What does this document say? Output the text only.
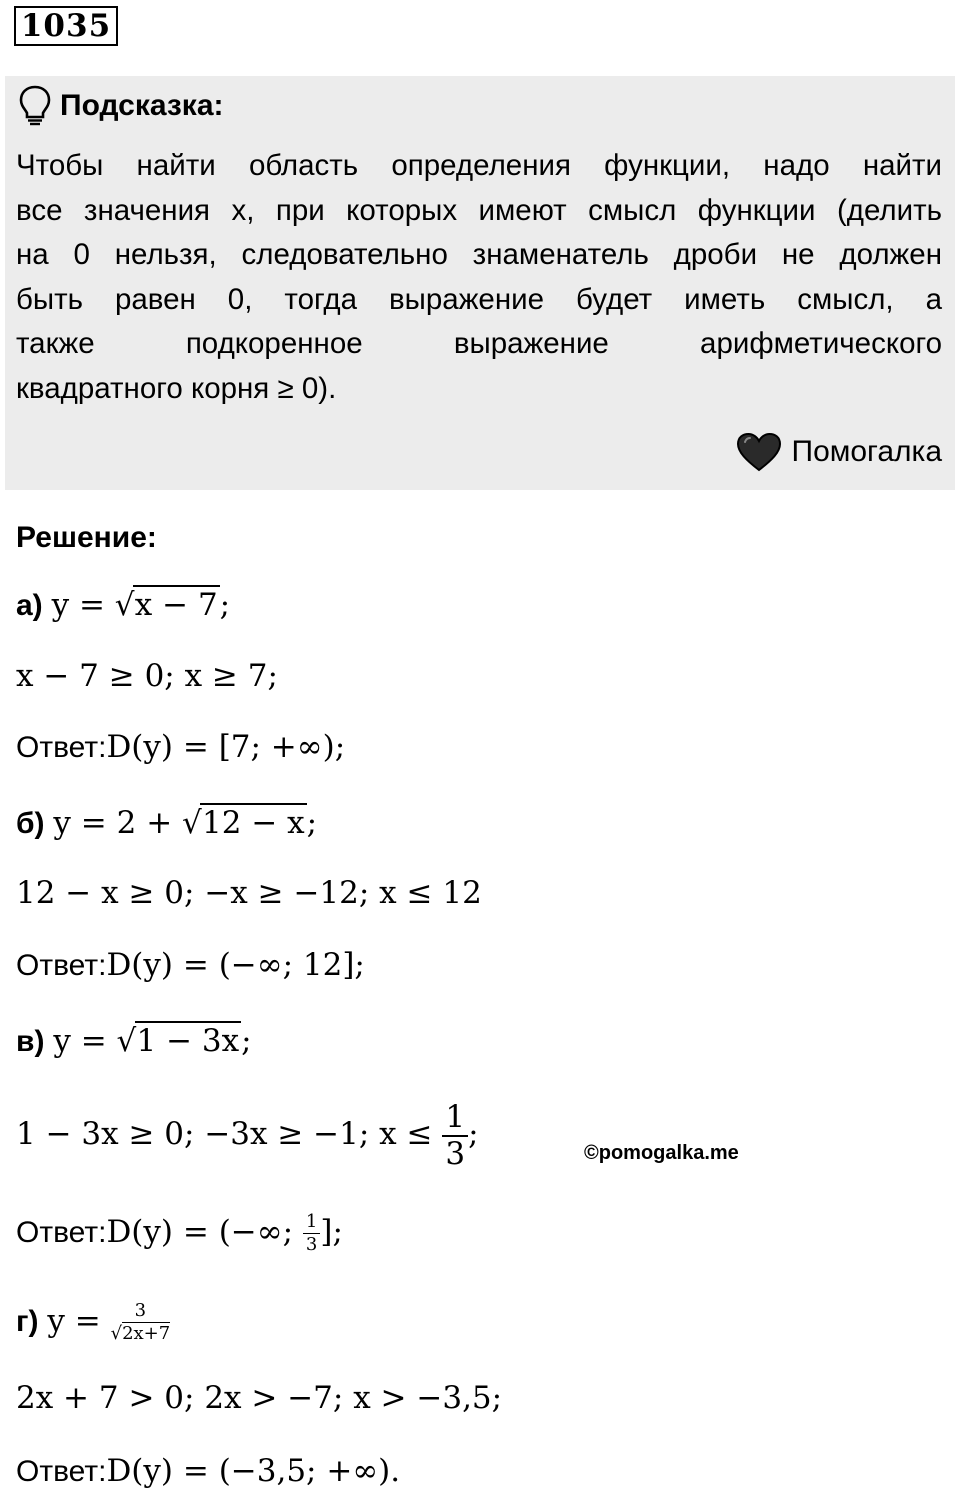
1035
Подсказка:
Чтобы найти область определения функции, надо найти
все значения x, при которых имеют смысл функции (делить
на 0 нельзя, следовательно знаменатель дроби не должен
быть равен 0, тогда выражение будет иметь смысл, а
также подкоренное выражение арифметического
квадратного корня ≥ 0).
Помогалка
Решение:
а) y = √ x − 7;
x − 7 ≥ 0; x ≥ 7;
Ответ:D(y) = [7; +∞);
б) y = 2 + √ 12 − x;
12 − x ≥ 0; −x ≥ −12; x ≤ 12
Ответ:D(y) = (−∞; 12];
в) y = √ 1 − 3x;
1 − 3x ≥ 0; −3x ≥ −1; $x \le \frac{1}{3}$ ;
©pomogalka.me
Ответ:D(y) = (−∞; $\frac{1}{3}$ ];
г) $y = \frac{3}{√2x+7}$
2x + 7 > 0; 2x > −7; x > −3,5;
Ответ:D(y) = (−3,5; +∞).
